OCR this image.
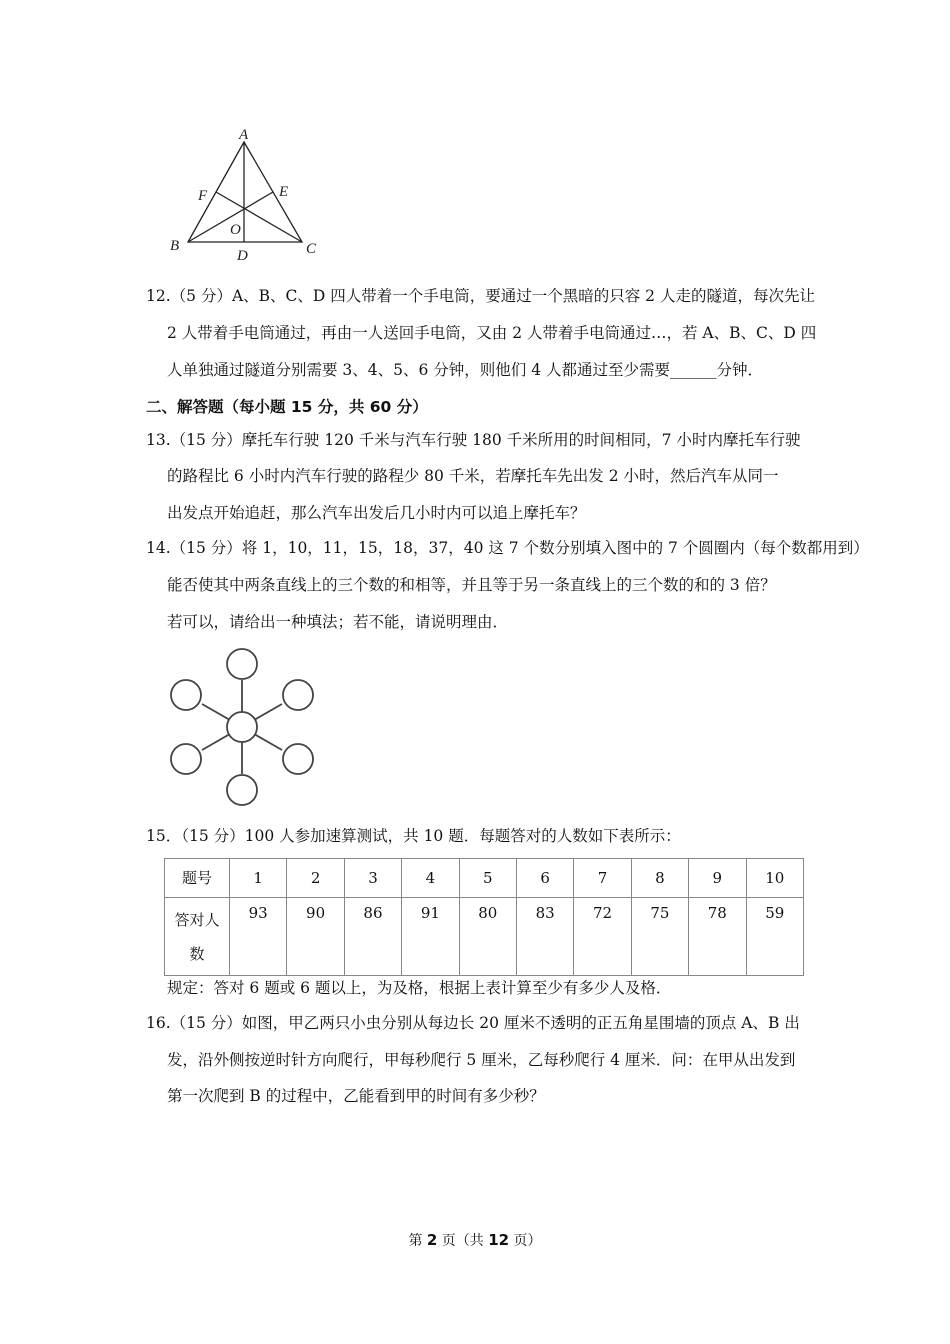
A
B	C
D
E
F
O
12.（5 分）A、B、C、D 四人带着一个手电筒，要通过一个黑暗的只容 2 人走的隧道，每次先让
2 人带着手电筒通过，再由一人送回手电筒，又由 2 人带着手电筒通过…，若 A、B、C、D 四
人单独通过隧道分别需要 3、4、5、6 分钟，则他们 4 人都通过至少需要______分钟．
二、解答题（每小题 15 分，共 60 分）
13.（15 分）摩托车行驶 120 千米与汽车行驶 180 千米所用的时间相同，7 小时内摩托车行驶
的路程比 6 小时内汽车行驶的路程少 80 千米，若摩托车先出发 2 小时，然后汽车从同一
出发点开始追赶，那么汽车出发后几小时内可以追上摩托车？
14.（15 分）将 1，10，11，15，18，37，40 这 7 个数分别填入图中的 7 个圆圈内（每个数都用到）
能否使其中两条直线上的三个数的和相等，并且等于另一条直线上的三个数的和的 3 倍？
若可以，请给出一种填法；若不能，请说明理由．
15．（15 分）100 人参加速算测试，共 10 题．每题答对的人数如下表所示：
题号	1	2	3	4	5	6	7	8	9	10
答对人
数	93	90	86	91	80	83	72	75	78	59
规定：答对 6 题或 6 题以上，为及格，根据上表计算至少有多少人及格．
16.（15 分）如图，甲乙两只小虫分别从每边长 20 厘米不透明的正五角星围墙的顶点 A、B 出
发，沿外侧按逆时针方向爬行，甲每秒爬行 5 厘米，乙每秒爬行 4 厘米．问：在甲从出发到
第一次爬到 B 的过程中，乙能看到甲的时间有多少秒？
第 2 页（共 12 页）
